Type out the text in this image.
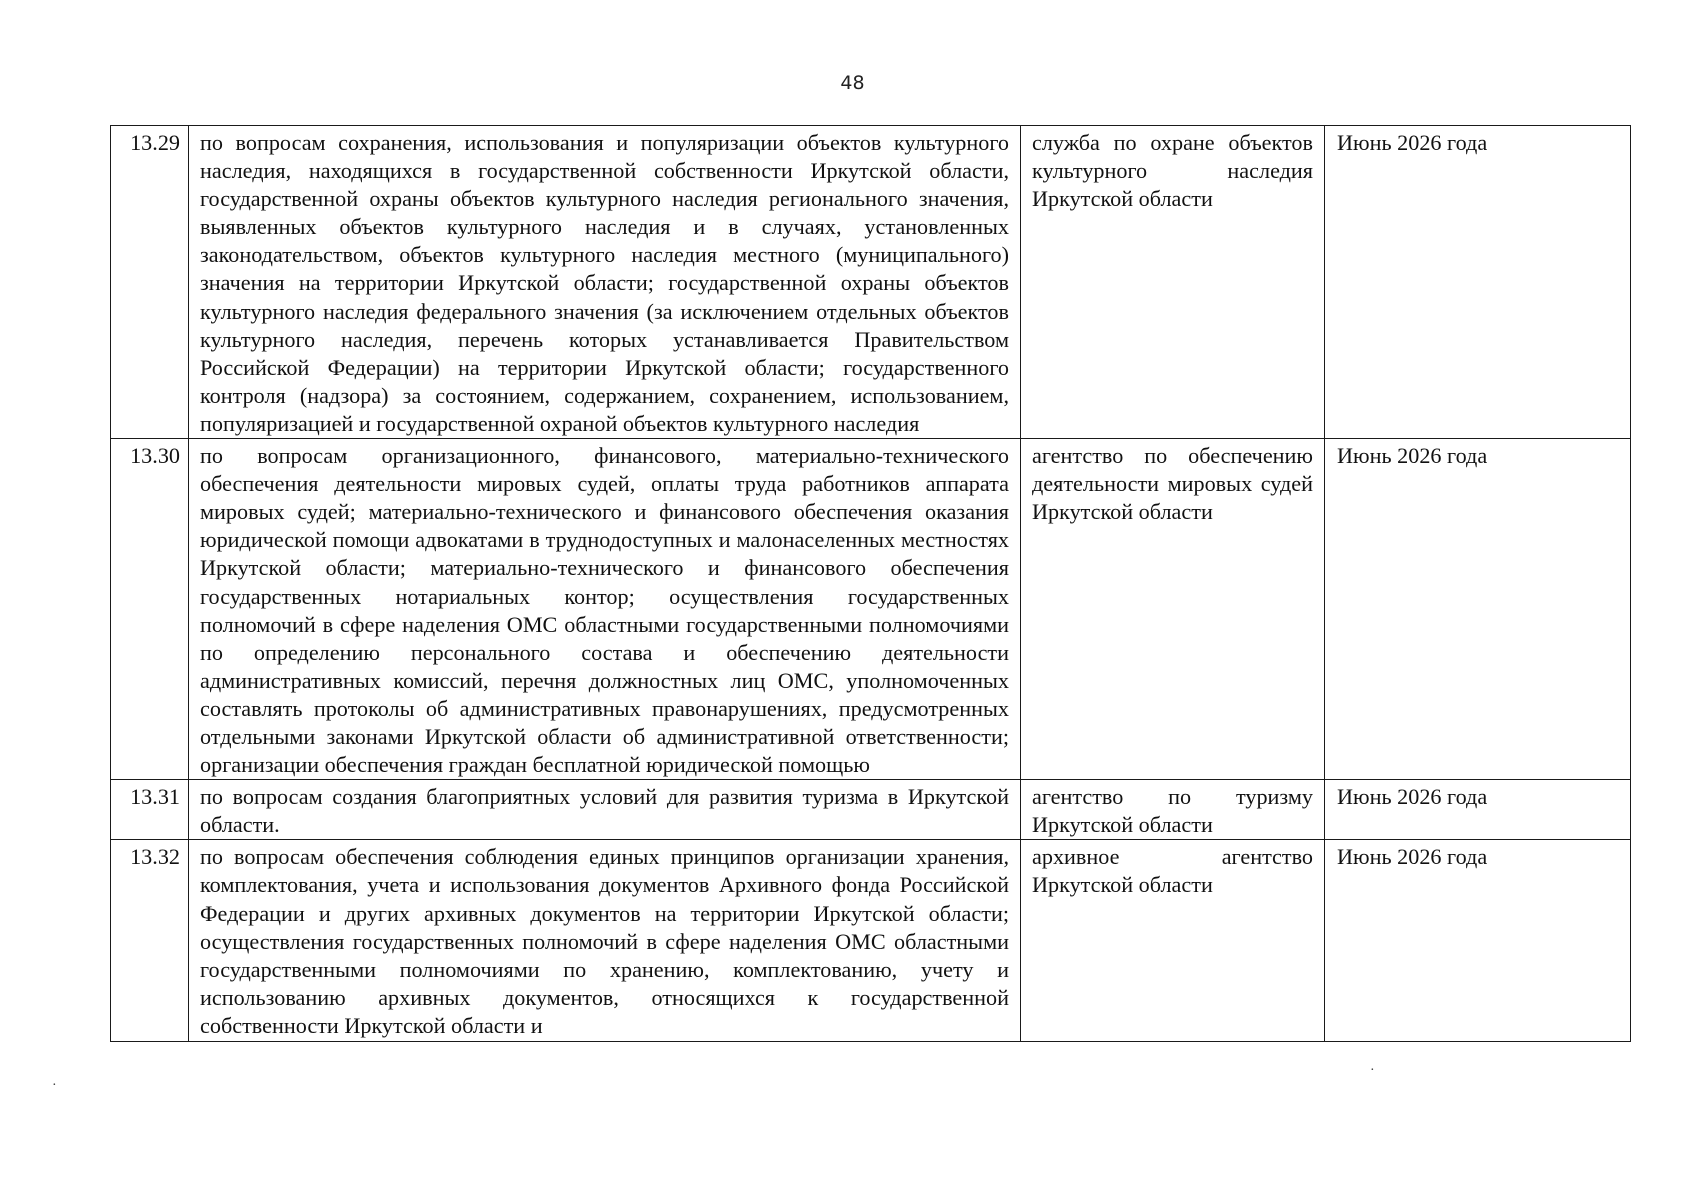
48
13.29	по вопросам сохранения, использования и популяризации объектов культурного наследия, находящихся в государственной собственности Иркутской области, государственной охраны объектов культурного наследия регионального значения, выявленных объектов культурного наследия и в случаях, установленных законодательством, объектов культурного наследия местного (муниципального) значения на территории Иркутской области; государственной охраны объектов культурного наследия федерального значения (за исключением отдельных объектов культурного наследия, перечень которых устанавливается Правительством Российской Федерации) на территории Иркутской области; государственного контроля (надзора) за состоянием, содержанием, сохранением, использованием, популяризацией и государственной охраной объектов культурного наследия	служба по охране объектов культурного наследия Иркутской области	Июнь 2026 года
13.30	по вопросам организационного, финансового, материально-технического обеспечения деятельности мировых судей, оплаты труда работников аппарата мировых судей; материально-технического и финансового обеспечения оказания юридической помощи адвокатами в труднодоступных и малонаселенных местностях Иркутской области; материально-технического и финансового обеспечения государственных нотариальных контор; осуществления государственных полномочий в сфере наделения ОМС областными государственными полномочиями по определению персонального состава и обеспечению деятельности административных комиссий, перечня должностных лиц ОМС, уполномоченных составлять протоколы об административных правонарушениях, предусмотренных отдельными законами Иркутской области об административной ответственности; организации обеспечения граждан бесплатной юридической помощью	агентство по обеспечению деятельности мировых судей Иркутской области	Июнь 2026 года
13.31	по вопросам создания благоприятных условий для развития туризма в Иркутской области.	агентство по туризму Иркутской области	Июнь 2026 года
13.32	по вопросам обеспечения соблюдения единых принципов организации хранения, комплектования, учета и использования документов Архивного фонда Российской Федерации и других архивных документов на территории Иркутской области; осуществления государственных полномочий в сфере наделения ОМС областными государственными полномочиями по хранению, комплектованию, учету и использованию архивных документов, относящихся к государственной собственности Иркутской области и	архивное агентство Иркутской области	Июнь 2026 года
·
·
